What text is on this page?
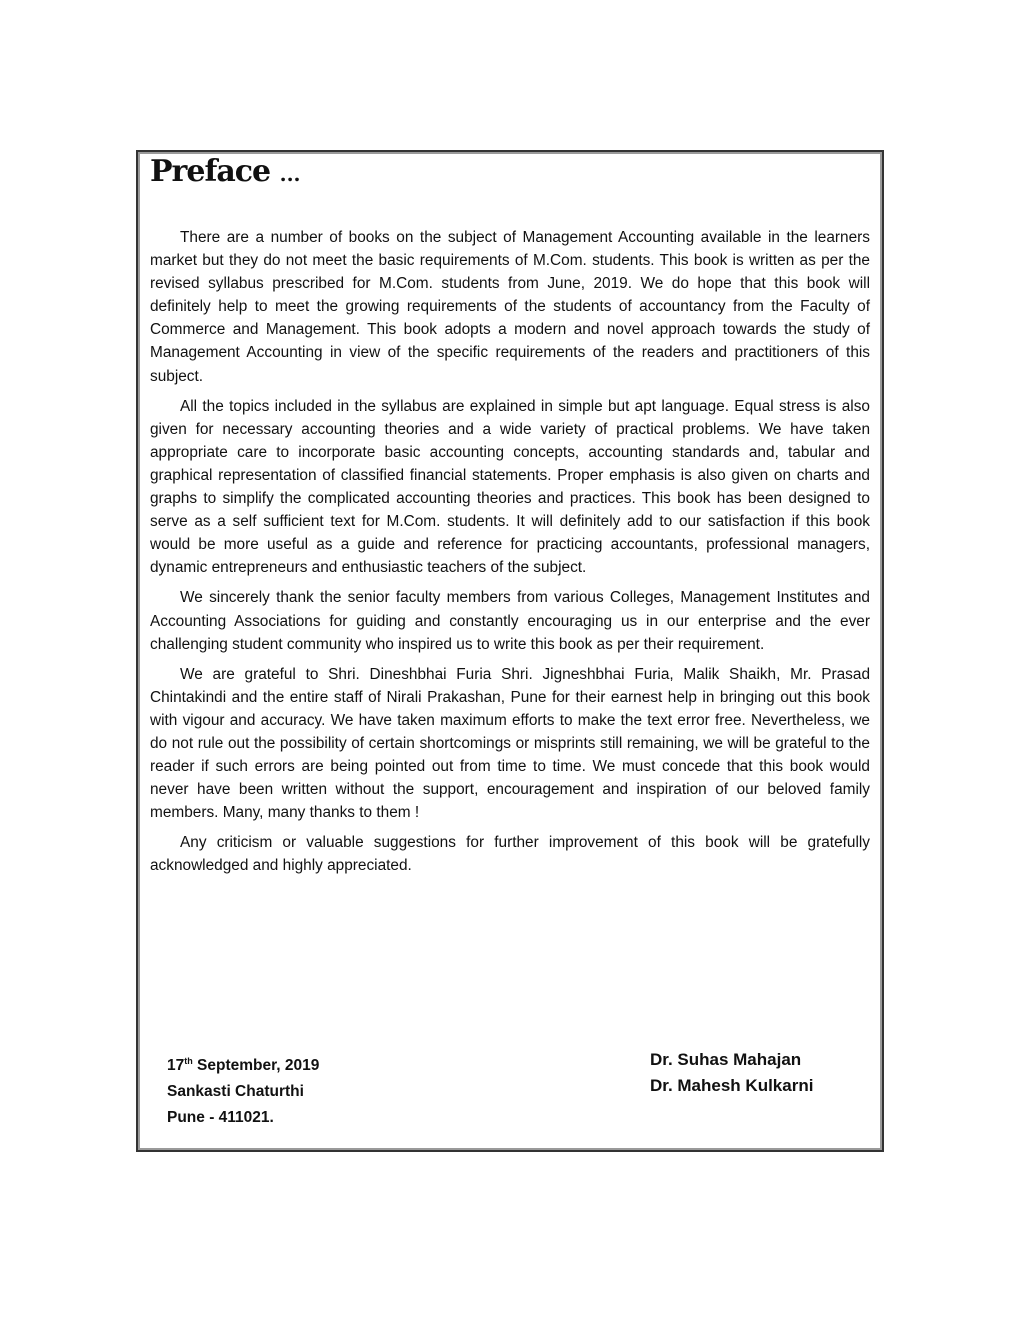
Preface ...

There are a number of books on the subject of Management Accounting available in the learners market but they do not meet the basic requirements of M.Com. students. This book is written as per the revised syllabus prescribed for M.Com. students from June, 2019. We do hope that this book will definitely help to meet the growing requirements of the students of accountancy from the Faculty of Commerce and Management. This book adopts a modern and novel approach towards the study of Management Accounting in view of the specific requirements of the readers and practitioners of this subject.

All the topics included in the syllabus are explained in simple but apt language. Equal stress is also given for necessary accounting theories and a wide variety of practical problems. We have taken appropriate care to incorporate basic accounting concepts, accounting standards and, tabular and graphical representation of classified financial statements. Proper emphasis is also given on charts and graphs to simplify the complicated accounting theories and practices. This book has been designed to serve as a self sufficient text for M.Com. students. It will definitely add to our satisfaction if this book would be more useful as a guide and reference for practicing accountants, professional managers, dynamic entrepreneurs and enthusiastic teachers of the subject.

We sincerely thank the senior faculty members from various Colleges, Management Institutes and Accounting Associations for guiding and constantly encouraging us in our enterprise and the ever challenging student community who inspired us to write this book as per their requirement.

We are grateful to Shri. Dineshbhai Furia Shri. Jigneshbhai Furia, Malik Shaikh, Mr. Prasad Chintakindi and the entire staff of Nirali Prakashan, Pune for their earnest help in bringing out this book with vigour and accuracy. We have taken maximum efforts to make the text error free. Nevertheless, we do not rule out the possibility of certain shortcomings or misprints still remaining, we will be grateful to the reader if such errors are being pointed out from time to time. We must concede that this book would never have been written without the support, encouragement and inspiration of our beloved family members. Many, many thanks to them !

Any criticism or valuable suggestions for further improvement of this book will be gratefully acknowledged and highly appreciated.

17th September, 2019
Sankasti Chaturthi
Pune - 411021.
Dr. Suhas Mahajan
Dr. Mahesh Kulkarni
